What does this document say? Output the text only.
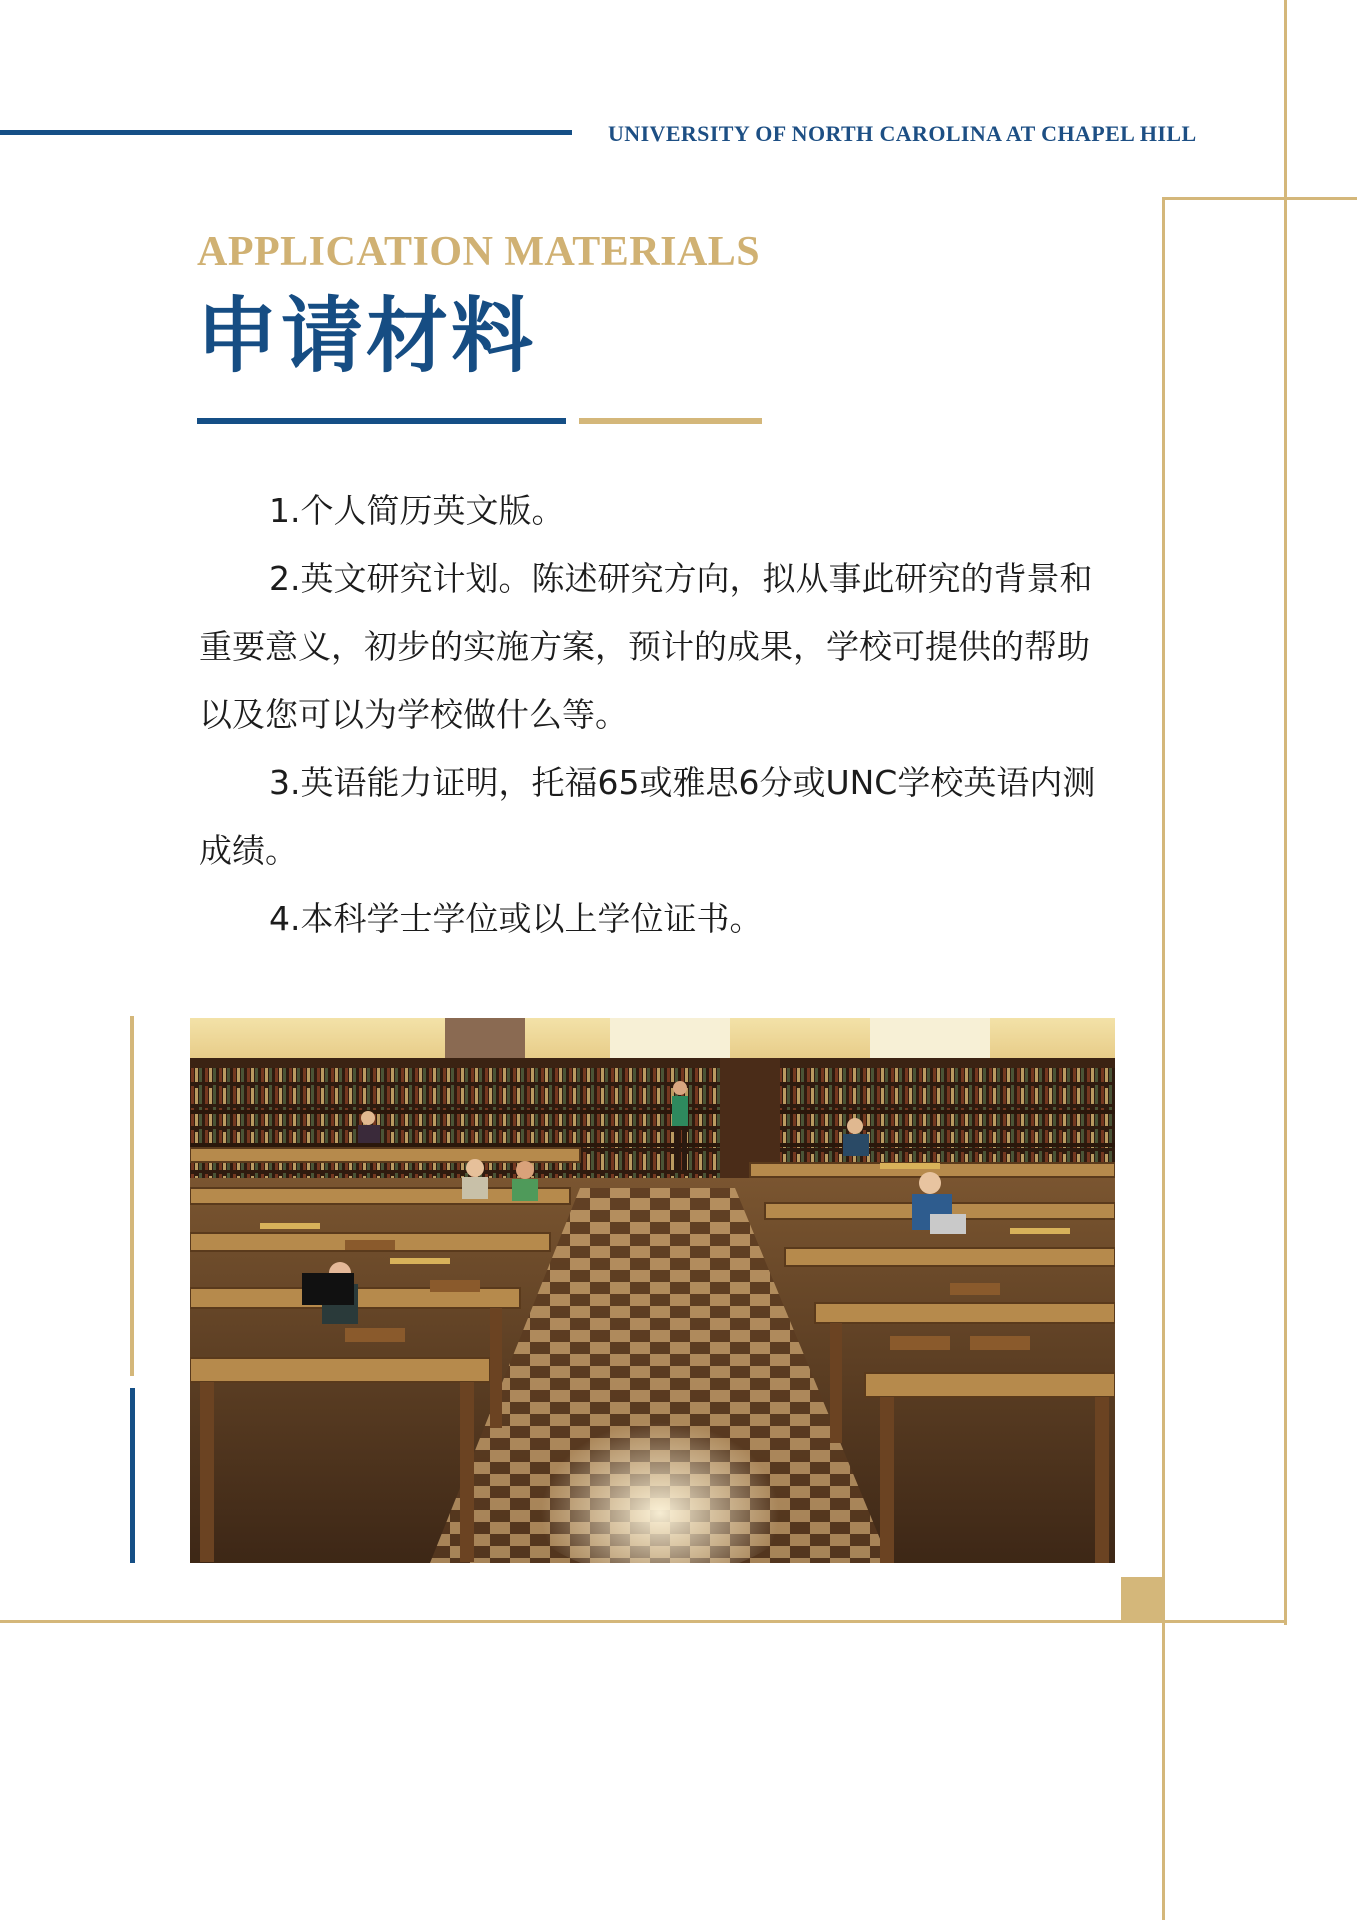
UNIVERSITY OF NORTH CAROLINA AT CHAPEL HILL
APPLICATION MATERIALS
申请材料

1.个人简历英文版。

2.英文研究计划。陈述研究方向，拟从事此研究的背景和重要意义，初步的实施方案，预计的成果，学校可提供的帮助以及您可以为学校做什么等。

3.英语能力证明，托福65或雅思6分或UNC学校英语内测成绩。

4.本科学士学位或以上学位证书。
